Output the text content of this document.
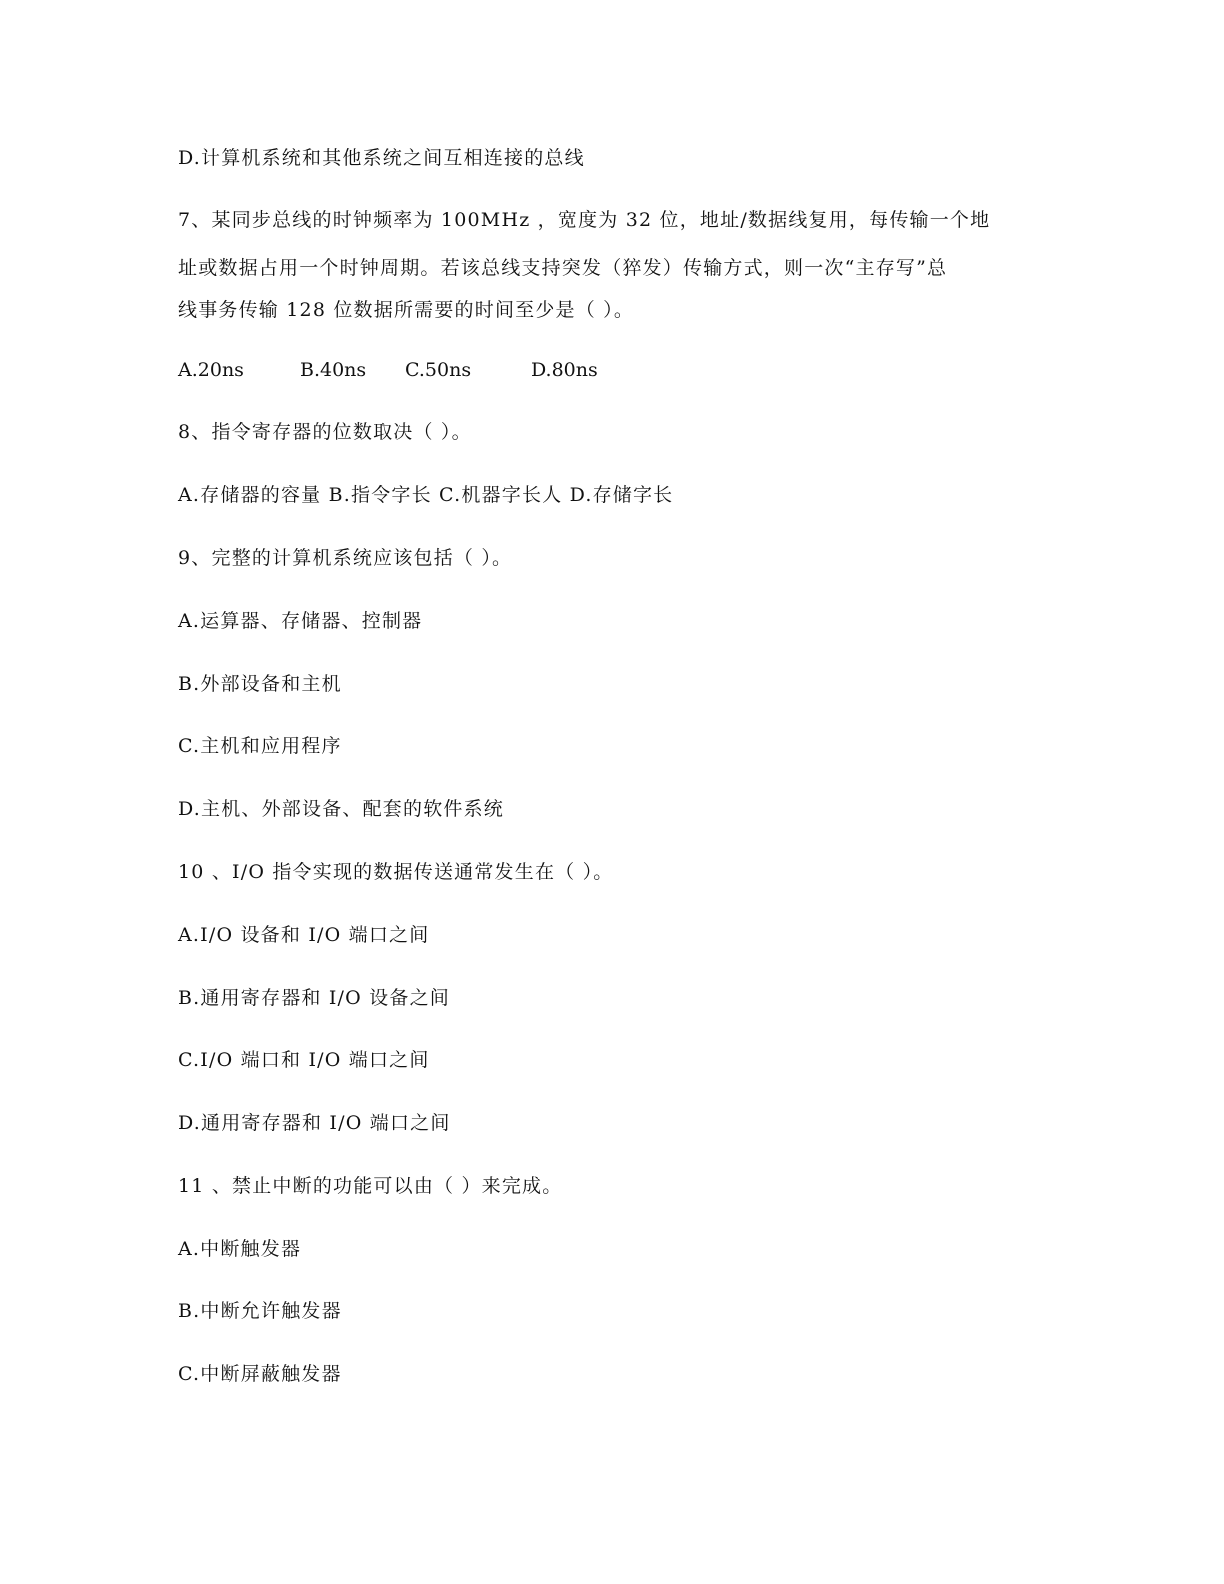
D.计算机系统和其他系统之间互相连接的总线
7、某同步总线的时钟频率为 100MHz ，宽度为 32 位，地址/数据线复用，每传输一个地
址或数据占用一个时钟周期。若该总线支持突发（猝发）传输方式，则一次“主存写”总
线事务传输 128 位数据所需要的时间至少是（ ）。
A.20ns	B.40ns C.50ns	D.80ns
8、指令寄存器的位数取决（ ）。
A.存储器的容量 B.指令字长 C.机器字长人 D.存储字长
9、完整的计算机系统应该包括（ ）。
A.运算器、存储器、控制器
B.外部设备和主机
C.主机和应用程序
D.主机、外部设备、配套的软件系统
10 、I/O 指令实现的数据传送通常发生在（ ）。
A.I/O 设备和 I/O 端口之间
B.通用寄存器和 I/O 设备之间
C.I/O 端口和 I/O 端口之间
D.通用寄存器和 I/O 端口之间
11 、禁止中断的功能可以由（ ）来完成。
A.中断触发器
B.中断允许触发器
C.中断屏蔽触发器
